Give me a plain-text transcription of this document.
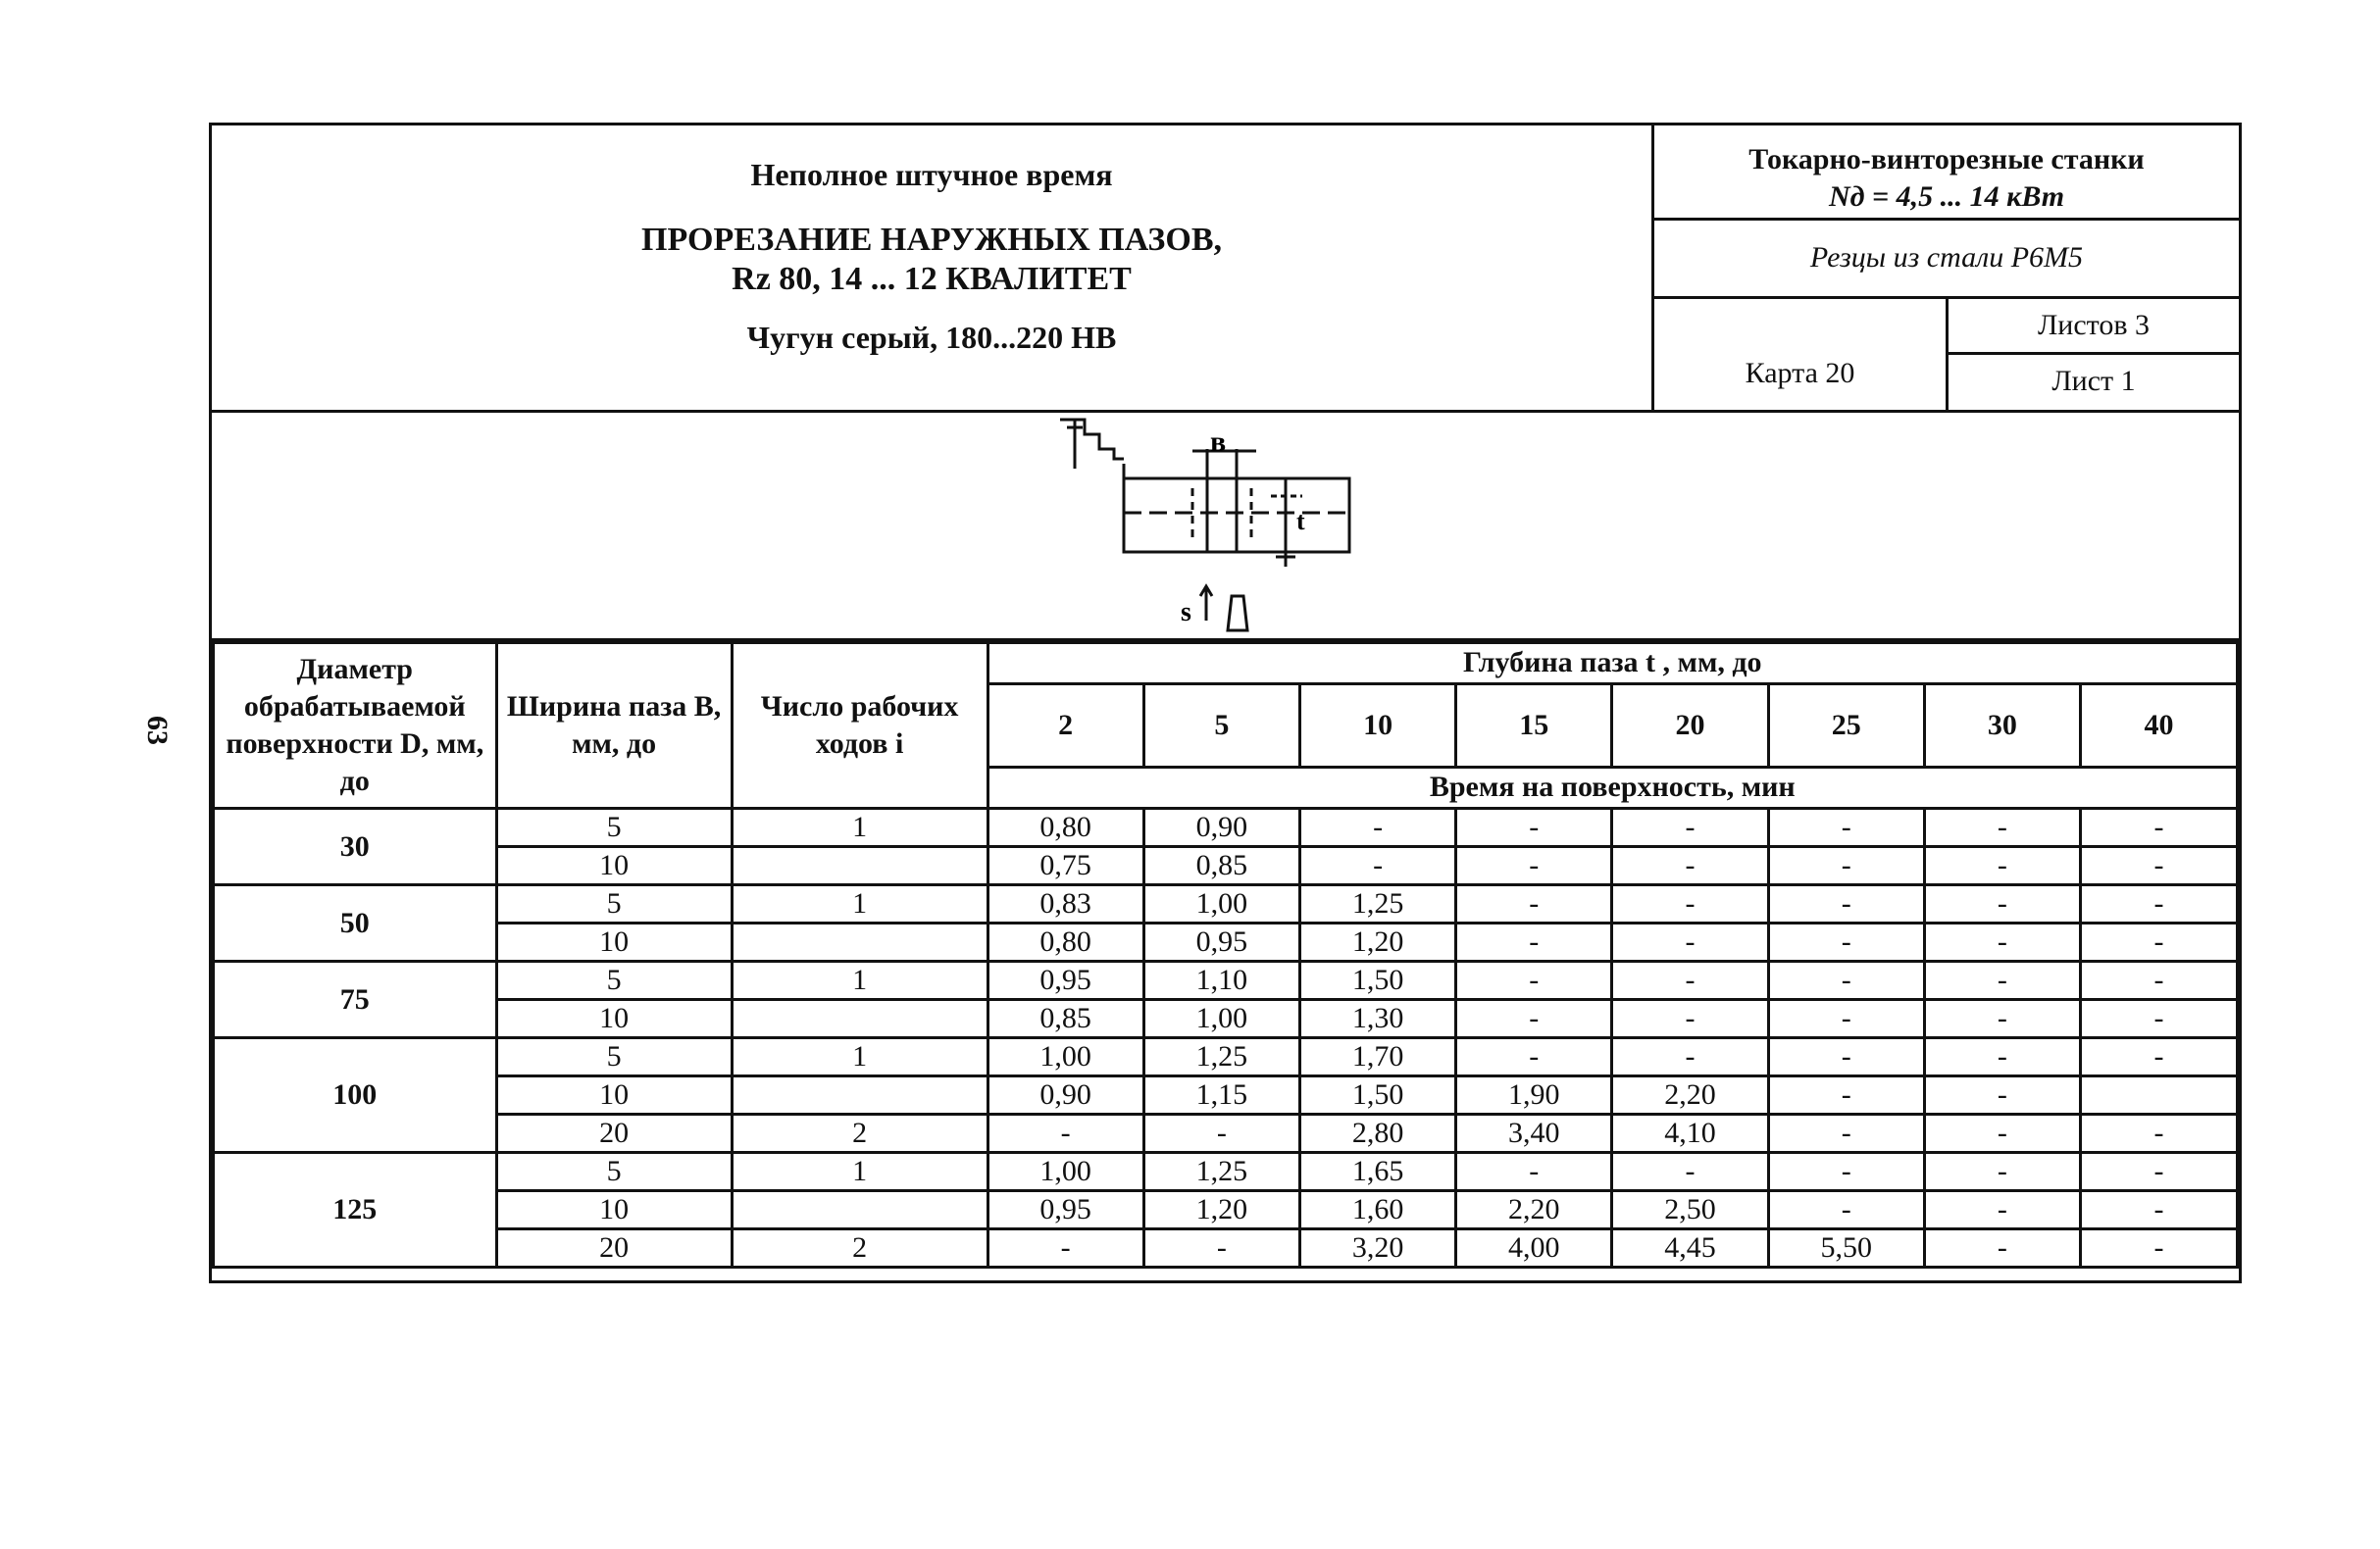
63
Неполное штучное время
ПРОРЕЗАНИЕ НАРУЖНЫХ ПАЗОВ,
Rz 80, 14 ... 12 КВАЛИТЕТ
Чугун серый, 180...220 НВ
Токарно-винторезные станки
Nд = 4,5 ... 14 кВт
Резцы из стали Р6М5
Карта 20
Листов 3
Лист 1
в
t
s
Диаметр обрабатываемой поверхности D, мм, до	Ширина паза B, мм, до	Число рабочих ходов i	Глубина паза t , мм, до							
			2	5	10	15	20	25	30	40
			Время на поверхность, мин							
30	5	1	0,80	0,90	-	-	-	-	-	-
	10		0,75	0,85	-	-	-	-	-	-
50	5	1	0,83	1,00	1,25	-	-	-	-	-
	10		0,80	0,95	1,20	-	-	-	-	-
75	5	1	0,95	1,10	1,50	-	-	-	-	-
	10		0,85	1,00	1,30	-	-	-	-	-
100	5	1	1,00	1,25	1,70	-	-	-	-	-
	10		0,90	1,15	1,50	1,90	2,20	-	-	
	20	2	-	-	2,80	3,40	4,10	-	-	-
125	5	1	1,00	1,25	1,65	-	-	-	-	-
	10		0,95	1,20	1,60	2,20	2,50	-	-	-
	20	2	-	-	3,20	4,00	4,45	5,50	-	-
